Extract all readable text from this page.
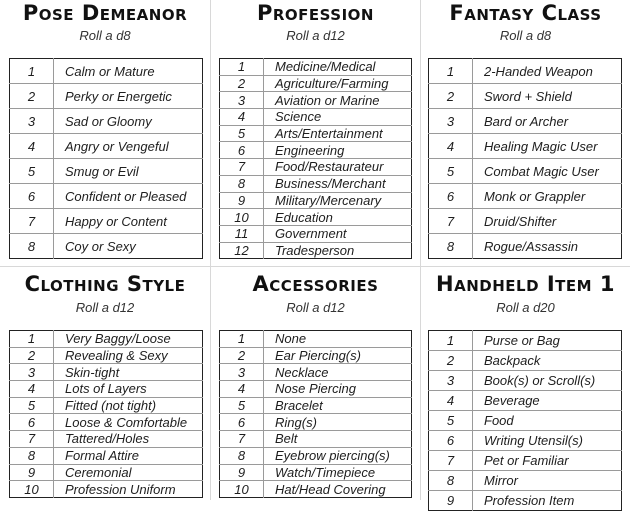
Pose Demeanor
Roll a d8
1	Calm or Mature
2	Perky or Energetic
3	Sad or Gloomy
4	Angry or Vengeful
5	Smug or Evil
6	Confident or Pleased
7	Happy or Content
8	Coy or Sexy
Profession
Roll a d12
1	Medicine/Medical
2	Agriculture/Farming
3	Aviation or Marine
4	Science
5	Arts/Entertainment
6	Engineering
7	Food/Restaurateur
8	Business/Merchant
9	Military/Mercenary
10	Education
11	Government
12	Tradesperson
Fantasy Class
Roll a d8
1	2-Handed Weapon
2	Sword + Shield
3	Bard or Archer
4	Healing Magic User
5	Combat Magic User
6	Monk or Grappler
7	Druid/Shifter
8	Rogue/Assassin
Clothing Style
Roll a d12
1	Very Baggy/Loose
2	Revealing & Sexy
3	Skin-tight
4	Lots of Layers
5	Fitted (not tight)
6	Loose & Comfortable
7	Tattered/Holes
8	Formal Attire
9	Ceremonial
10	Profession Uniform
Accessories
Roll a d12
1	None
2	Ear Piercing(s)
3	Necklace
4	Nose Piercing
5	Bracelet
6	Ring(s)
7	Belt
8	Eyebrow piercing(s)
9	Watch/Timepiece
10	Hat/Head Covering
Handheld Item 1
Roll a d20
1	Purse or Bag
2	Backpack
3	Book(s) or Scroll(s)
4	Beverage
5	Food
6	Writing Utensil(s)
7	Pet or Familiar
8	Mirror
9	Profession Item
